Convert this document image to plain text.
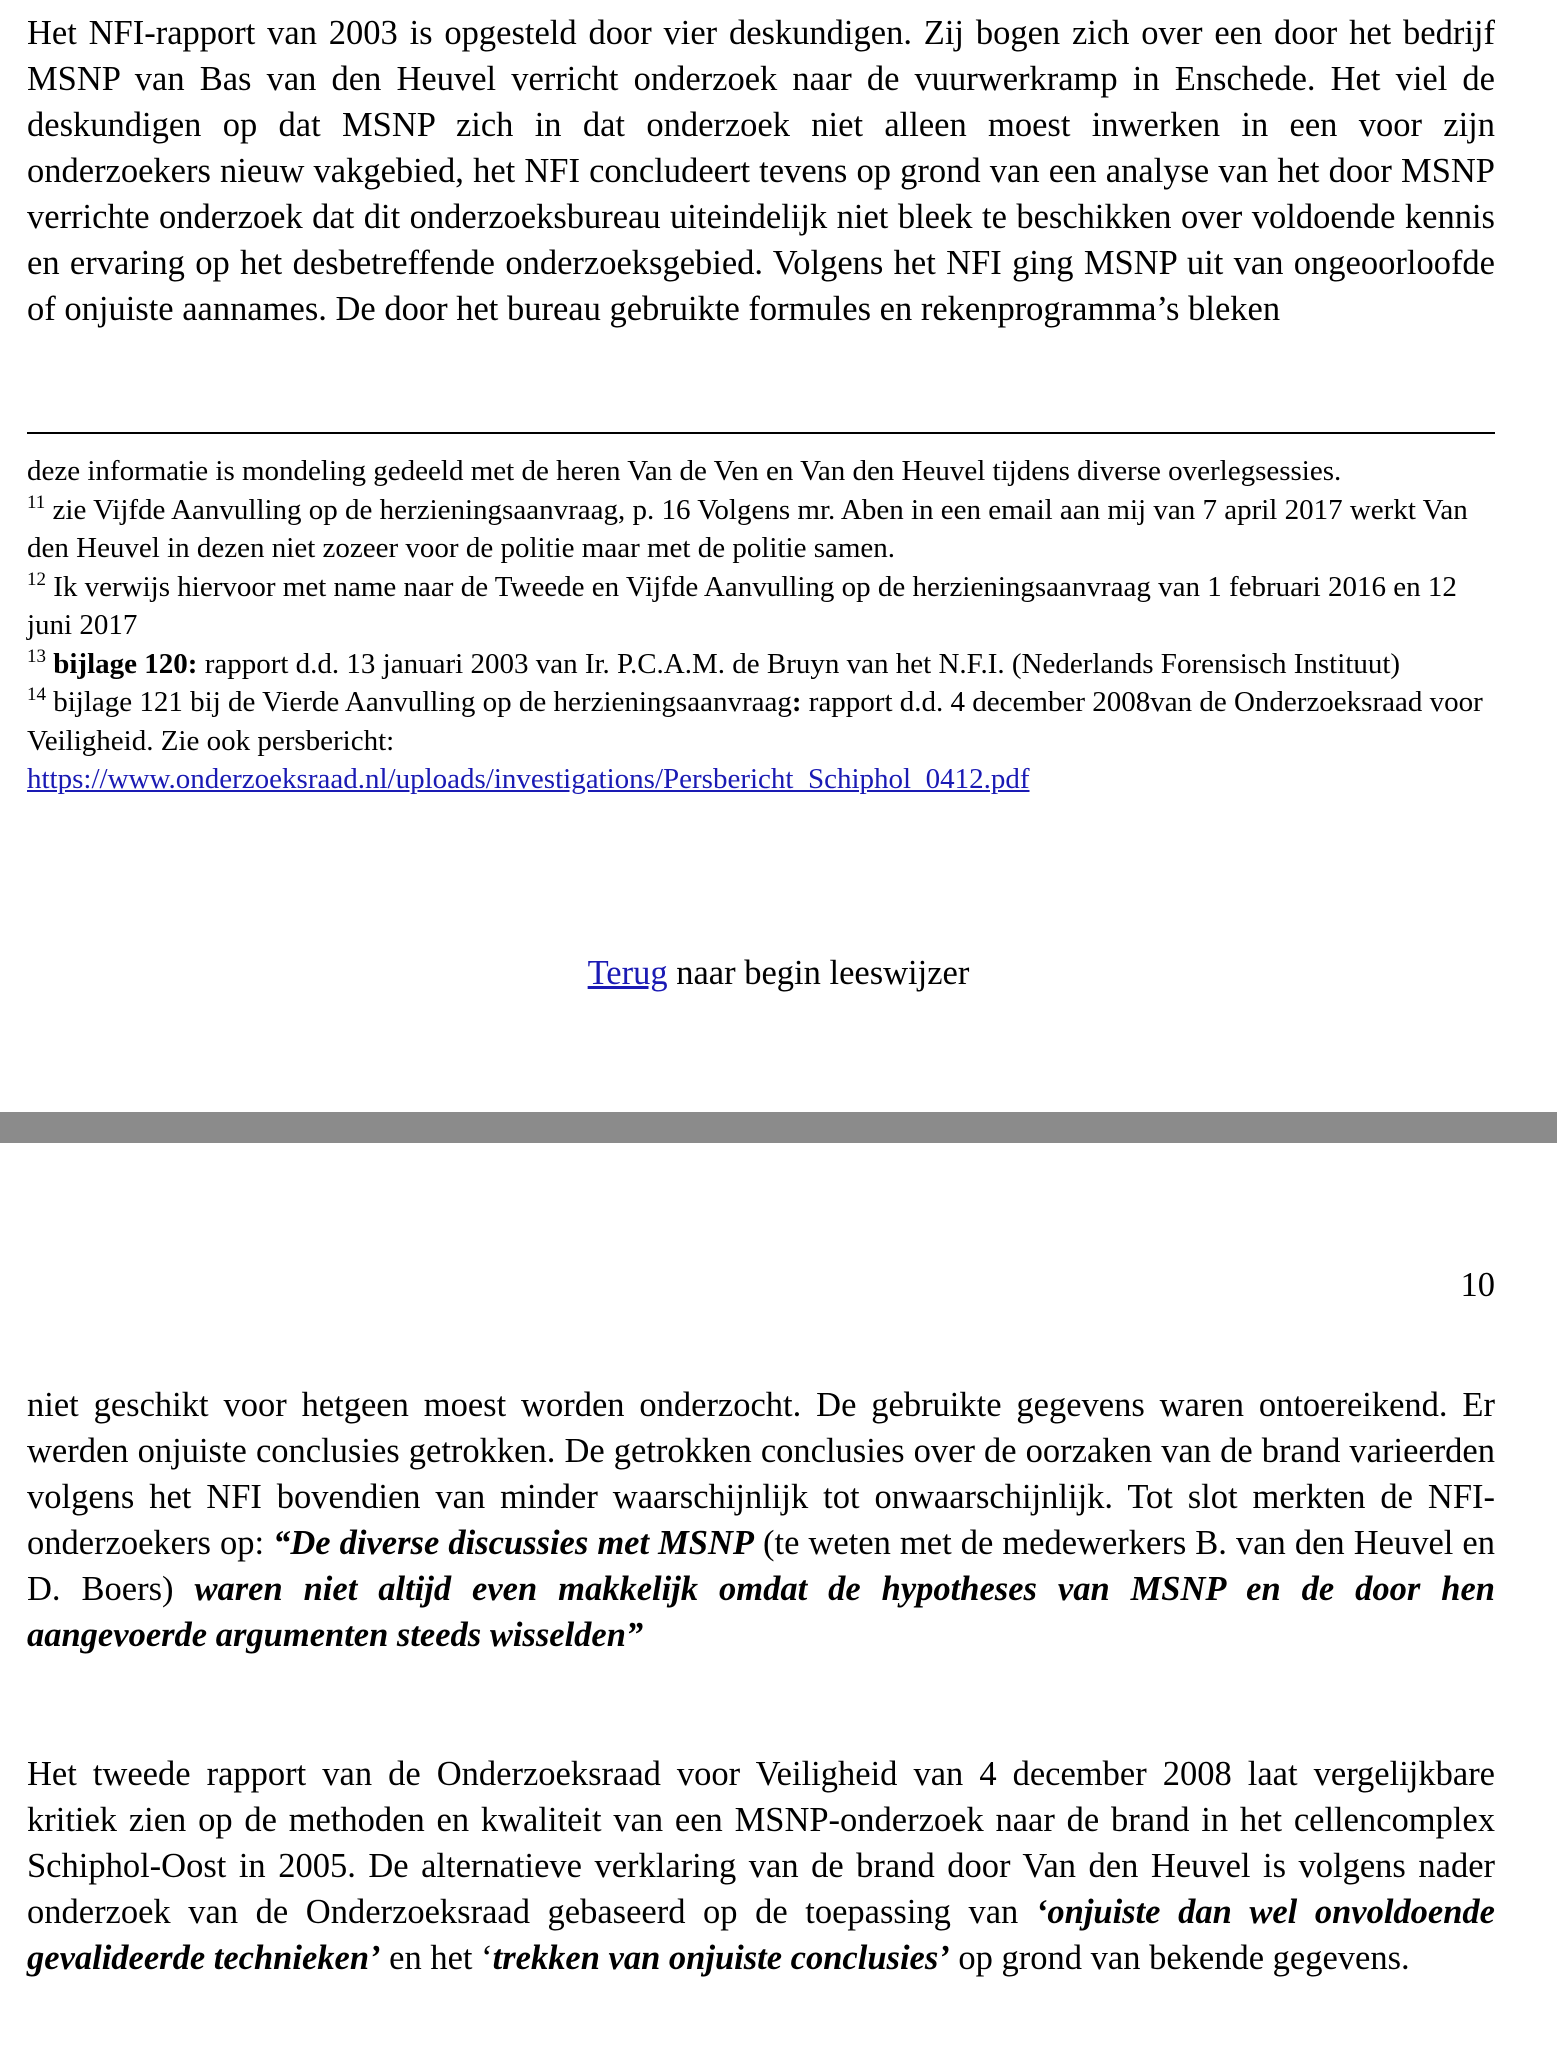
Het NFI-rapport van 2003 is opgesteld door vier deskundigen. Zij bogen zich over een door het bedrijf MSNP van Bas van den Heuvel verricht onderzoek naar de vuurwerkramp in Enschede. Het viel de deskundigen op dat MSNP zich in dat onderzoek niet alleen moest inwerken in een voor zijn onderzoekers nieuw vakgebied, het NFI concludeert tevens op grond van een analyse van het door MSNP verrichte onderzoek dat dit onderzoeksbureau uiteindelijk niet bleek te beschikken over voldoende kennis en ervaring op het desbetreffende onderzoeksgebied. Volgens het NFI ging MSNP uit van ongeoorloofde of onjuiste aannames. De door het bureau gebruikte formules en rekenprogramma’s bleken

deze informatie is mondeling gedeeld met de heren Van de Ven en Van den Heuvel tijdens diverse overlegsessies.

$^{11}$ zie Vijfde Aanvulling op de herzieningsaanvraag, p. 16 Volgens mr. Aben in een email aan mij van 7 april 2017 werkt Van den Heuvel in dezen niet zozeer voor de politie maar met de politie samen.

$^{12}$ Ik verwijs hiervoor met name naar de Tweede en Vijfde Aanvulling op de herzieningsaanvraag van 1 februari 2016 en 12 juni 2017

$^{13}$ bijlage 120: rapport d.d. 13 januari 2003 van Ir. P.C.A.M. de Bruyn van het N.F.I. (Nederlands Forensisch Instituut)

$^{14}$ bijlage 121 bij de Vierde Aanvulling op de herzieningsaanvraag: rapport d.d. 4 december 2008van de Onderzoeksraad voor Veiligheid. Zie ook persbericht:
https://www.onderzoeksraad.nl/uploads/investigations/Persbericht_Schiphol_0412.pdf

Terug naar begin leeswijzer
10

niet geschikt voor hetgeen moest worden onderzocht. De gebruikte gegevens waren ontoereikend. Er werden onjuiste conclusies getrokken. De getrokken conclusies over de oorzaken van de brand varieerden volgens het NFI bovendien van minder waarschijnlijk tot onwaarschijnlijk. Tot slot merkten de NFI-onderzoekers op: “De diverse discussies met MSNP (te weten met de medewerkers B. van den Heuvel en D. Boers) waren niet altijd even makkelijk omdat de hypotheses van MSNP en de door hen aangevoerde argumenten steeds wisselden”

Het tweede rapport van de Onderzoeksraad voor Veiligheid van 4 december 2008 laat vergelijkbare kritiek zien op de methoden en kwaliteit van een MSNP-onderzoek naar de brand in het cellencomplex Schiphol-Oost in 2005. De alternatieve verklaring van de brand door Van den Heuvel is volgens nader onderzoek van de Onderzoeksraad gebaseerd op de toepassing van ‘onjuiste dan wel onvoldoende gevalideerde technieken’ en het ‘trekken van onjuiste conclusies’ op grond van bekende gegevens.
